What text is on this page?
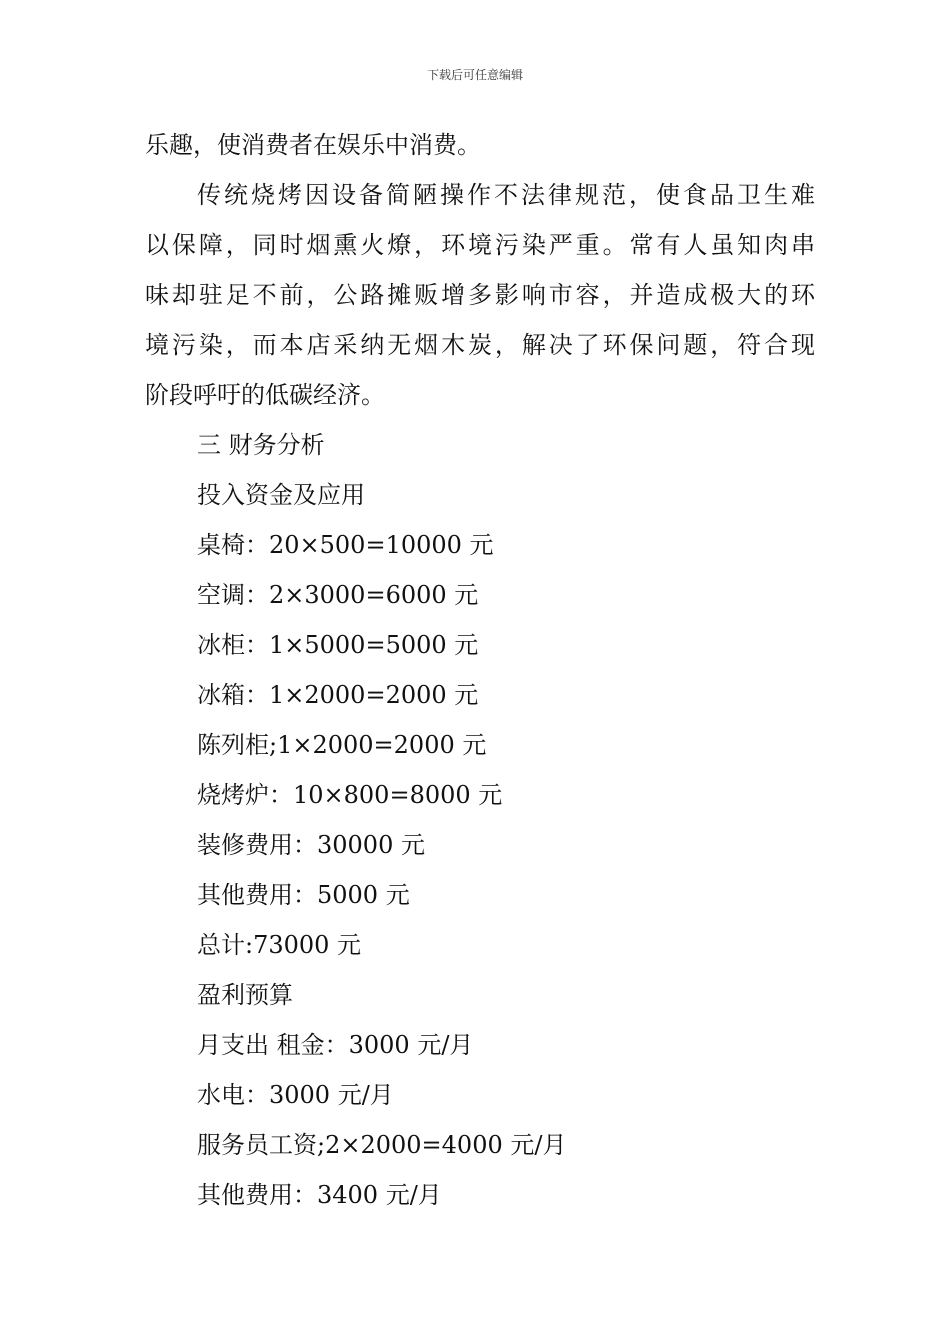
下载后可任意编辑
乐趣，使消费者在娱乐中消费。
传统烧烤因设备简陋操作不法律规范，使食品卫生难
以保障，同时烟熏火燎，环境污染严重。常有人虽知肉串
味却驻足不前，公路摊贩增多影响市容，并造成极大的环
境污染，而本店采纳无烟木炭，解决了环保问题，符合现
阶段呼吁的低碳经济。
三 财务分析
投入资金及应用
桌椅：20×500=10000 元
空调：2×3000=6000 元
冰柜：1×5000=5000 元
冰箱：1×2000=2000 元
陈列柜;1×2000=2000 元
烧烤炉：10×800=8000 元
装修费用：30000 元
其他费用：5000 元
总计:73000 元
盈利预算
月支出 租金：3000 元/月
水电：3000 元/月
服务员工资;2×2000=4000 元/月
其他费用：3400 元/月
